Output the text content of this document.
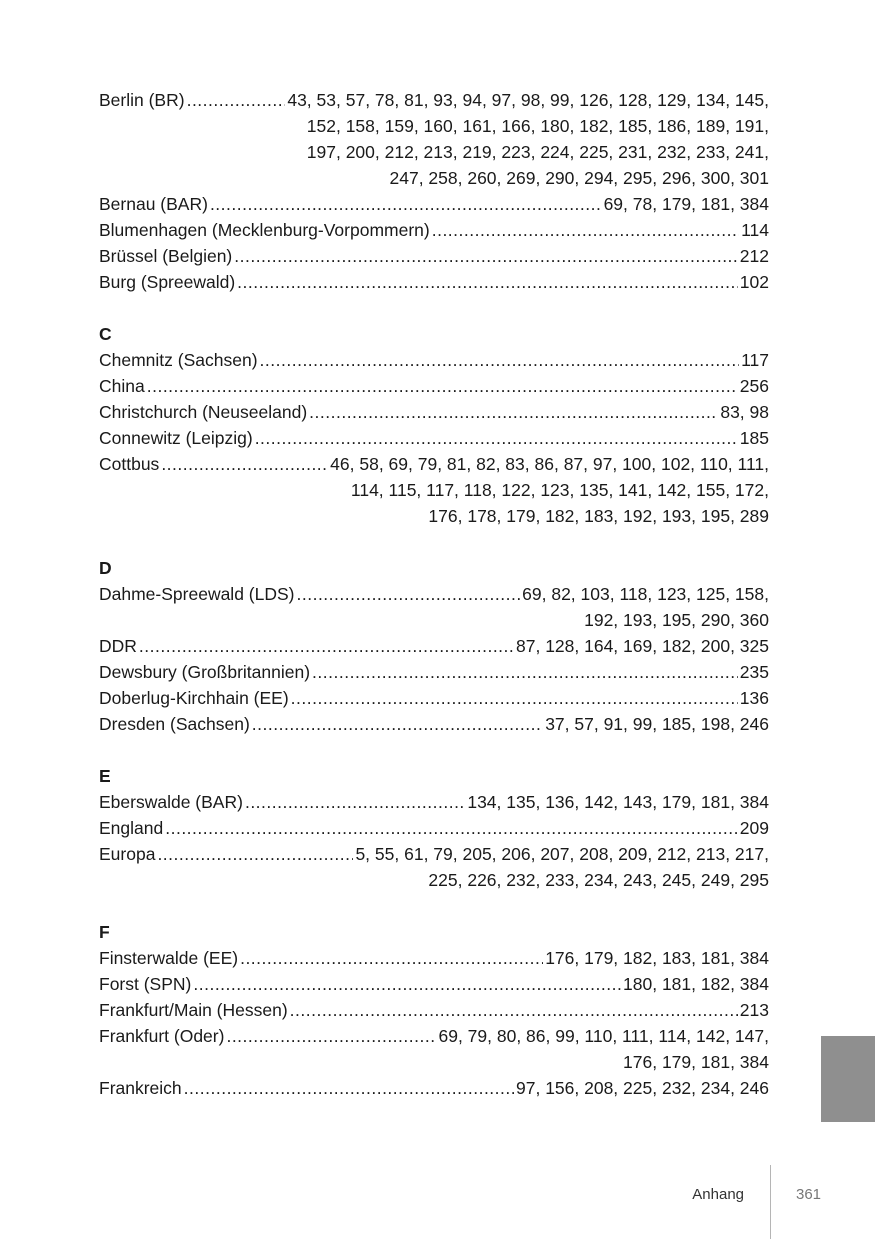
Berlin (BR) .....	43, 53, 57, 78, 81, 93, 94, 97, 98, 99, 126, 128, 129, 134, 145,
152, 158, 159, 160, 161, 166, 180, 182, 185, 186, 189, 191,
197, 200, 212, 213, 219, 223, 224, 225, 231, 232, 233, 241,
247, 258, 260, 269, 290, 294, 295, 296, 300, 301
Bernau (BAR) .....	69, 78, 179, 181, 384
Blumenhagen (Mecklenburg-Vorpommern) .....	114
Brüssel (Belgien) .....	212
Burg (Spreewald) .....	102
C
Chemnitz (Sachsen) .....	117
China .....	256
Christchurch (Neuseeland) .....	83, 98
Connewitz (Leipzig) .....	185
Cottbus .....	46, 58, 69, 79, 81, 82, 83, 86, 87, 97, 100, 102, 110, 111,
114, 115, 117, 118, 122, 123, 135, 141, 142, 155, 172,
176, 178, 179, 182, 183, 192, 193, 195, 289
D
Dahme-Spreewald (LDS) .....	69, 82, 103, 118, 123, 125, 158,
192, 193, 195, 290, 360
DDR .....	87, 128, 164, 169, 182, 200, 325
Dewsbury (Großbritannien) .....	235
Doberlug-Kirchhain (EE) .....	136
Dresden (Sachsen) .....	37, 57, 91, 99, 185, 198, 246
E
Eberswalde (BAR) .....	134, 135, 136, 142, 143, 179, 181, 384
England .....	209
Europa .....	5, 55, 61, 79, 205, 206, 207, 208, 209, 212, 213, 217,
225, 226, 232, 233, 234, 243, 245, 249, 295
F
Finsterwalde (EE) .....	176, 179, 182, 183, 181, 384
Forst (SPN) .....	180, 181, 182, 384
Frankfurt/Main (Hessen) .....	213
Frankfurt (Oder) .....	69, 79, 80, 86, 99, 110, 111, 114, 142, 147,
176, 179, 181, 384
Frankreich .....	97, 156, 208, 225, 232, 234, 246
Anhang	361
